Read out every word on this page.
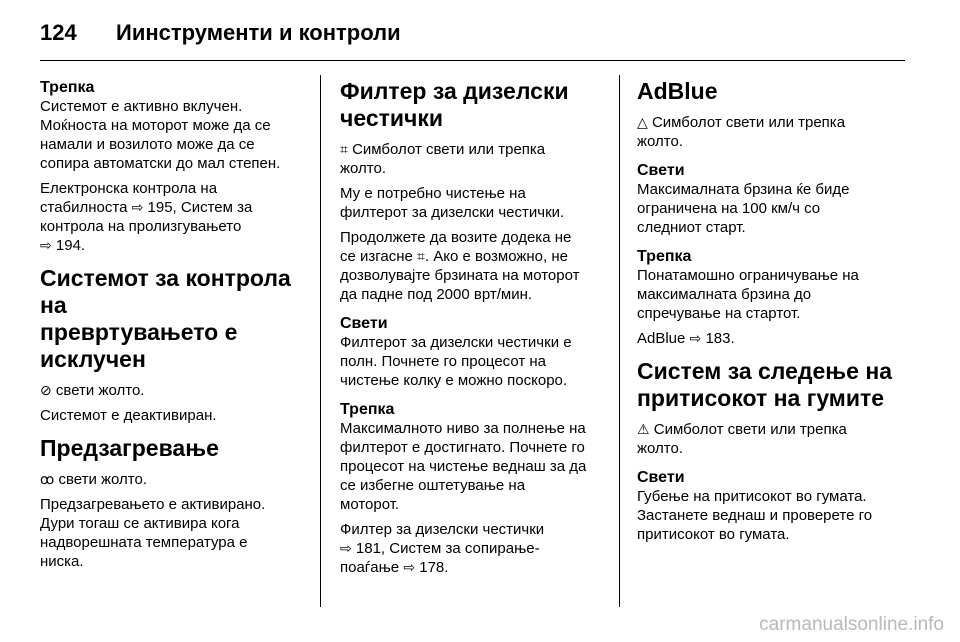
124 Иинструменти и контроли
Трепка

Системот е активно вклучен.
Моќноста на моторот може да се
намали и возилото може да се
сопира автоматски до мал степен.

Електронска контрола на
стабилноста ⇨ 195, Систем за
контрола на пролизгувањето
⇨ 194.

Системот за контрола на
превртувањето е
исклучен

⊘ свети жолто.

Системот е деактивиран.

Предзагревање

ꝏ свети жолто.

Предзагревањето е активирано.
Дури тогаш се активира кога
надворешната температура е
ниска.

Филтер за дизелски
честички

⌗ Симболот свети или трепка
жолто.

Му е потребно чистење на
филтерот за дизелски честички.

Продолжете да возите додека не
се изгасне ⌗. Ако е возможно, не
дозволувајте брзината на моторот
да падне под 2000 врт/мин.

Свети

Филтерот за дизелски честички е
полн. Почнете го процесот на
чистење колку е можно поскоро.

Трепка

Максималното ниво за полнење на
филтерот е достигнато. Почнете го
процесот на чистење веднаш за да
се избегне оштетување на
моторот.

Филтер за дизелски честички
⇨ 181, Систем за сопирање-
поаѓање ⇨ 178.

AdBlue

△ Симболот свети или трепка
жолто.

Свети

Максималната брзина ќе биде
ограничена на 100 км/ч со
следниот старт.

Трепка

Понатамошно ограничување на
максималната брзина до
спречување на стартот.

AdBlue ⇨ 183.

Систем за следење на
притисокот на гумите

⚠ Симболот свети или трепка
жолто.

Свети

Губење на притисокот во гумата.
Застанете веднаш и проверете го
притисокот во гумата.

carmanualsonline.info
